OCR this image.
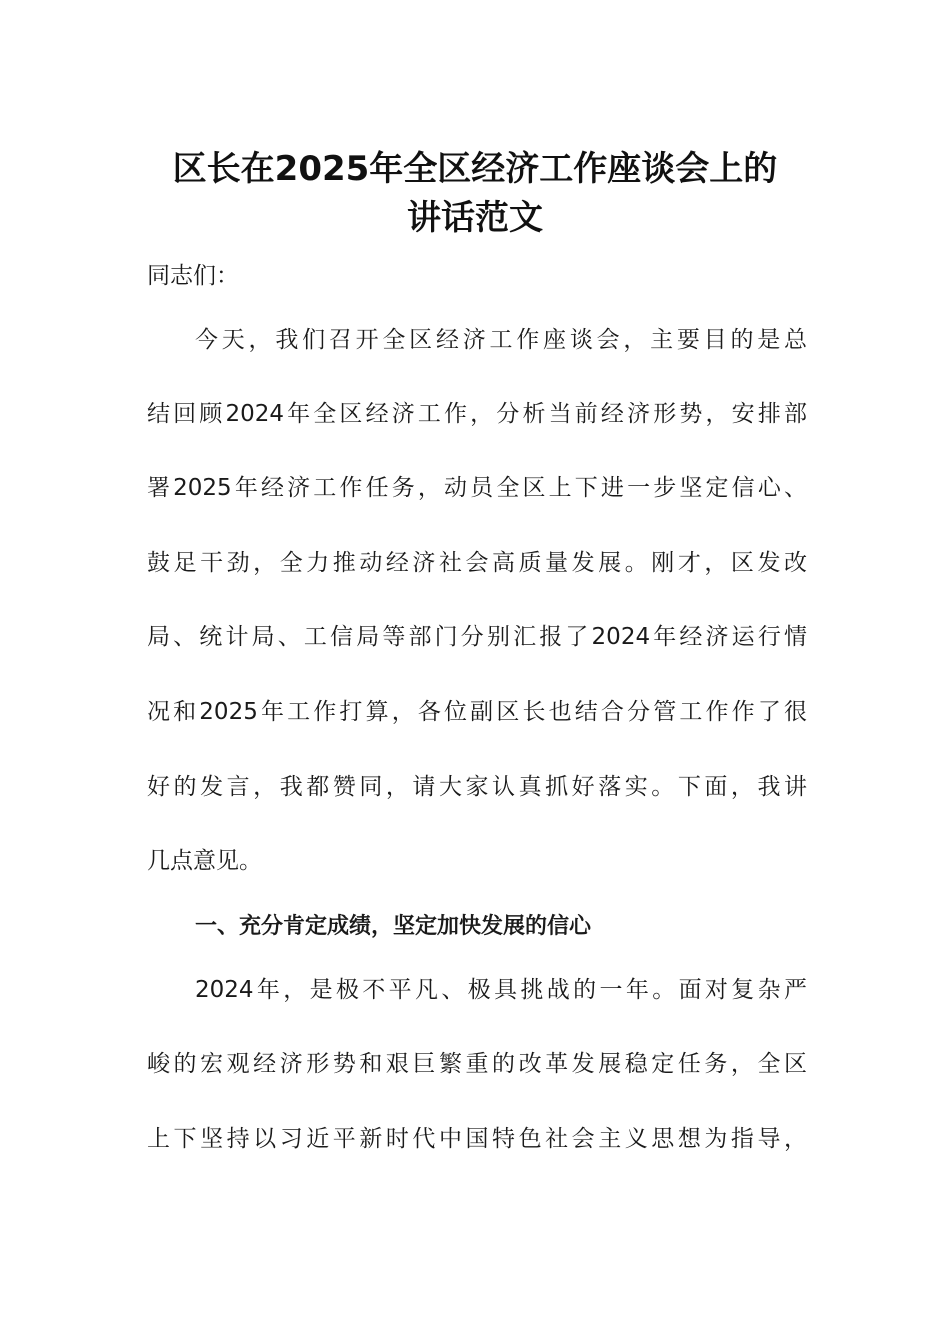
区长在2025年全区经济工作座谈会上的
讲话范文

同志们：

今天，我们召开全区经济工作座谈会，主要目的是总

结回顾2024年全区经济工作，分析当前经济形势，安排部

署2025年经济工作任务，动员全区上下进一步坚定信心、

鼓足干劲，全力推动经济社会高质量发展。刚才，区发改

局、统计局、工信局等部门分别汇报了2024年经济运行情

况和2025年工作打算，各位副区长也结合分管工作作了很

好的发言，我都赞同，请大家认真抓好落实。下面，我讲

几点意见。

一、充分肯定成绩，坚定加快发展的信心

2024年，是极不平凡、极具挑战的一年。面对复杂严

峻的宏观经济形势和艰巨繁重的改革发展稳定任务，全区

上下坚持以习近平新时代中国特色社会主义思想为指导，
